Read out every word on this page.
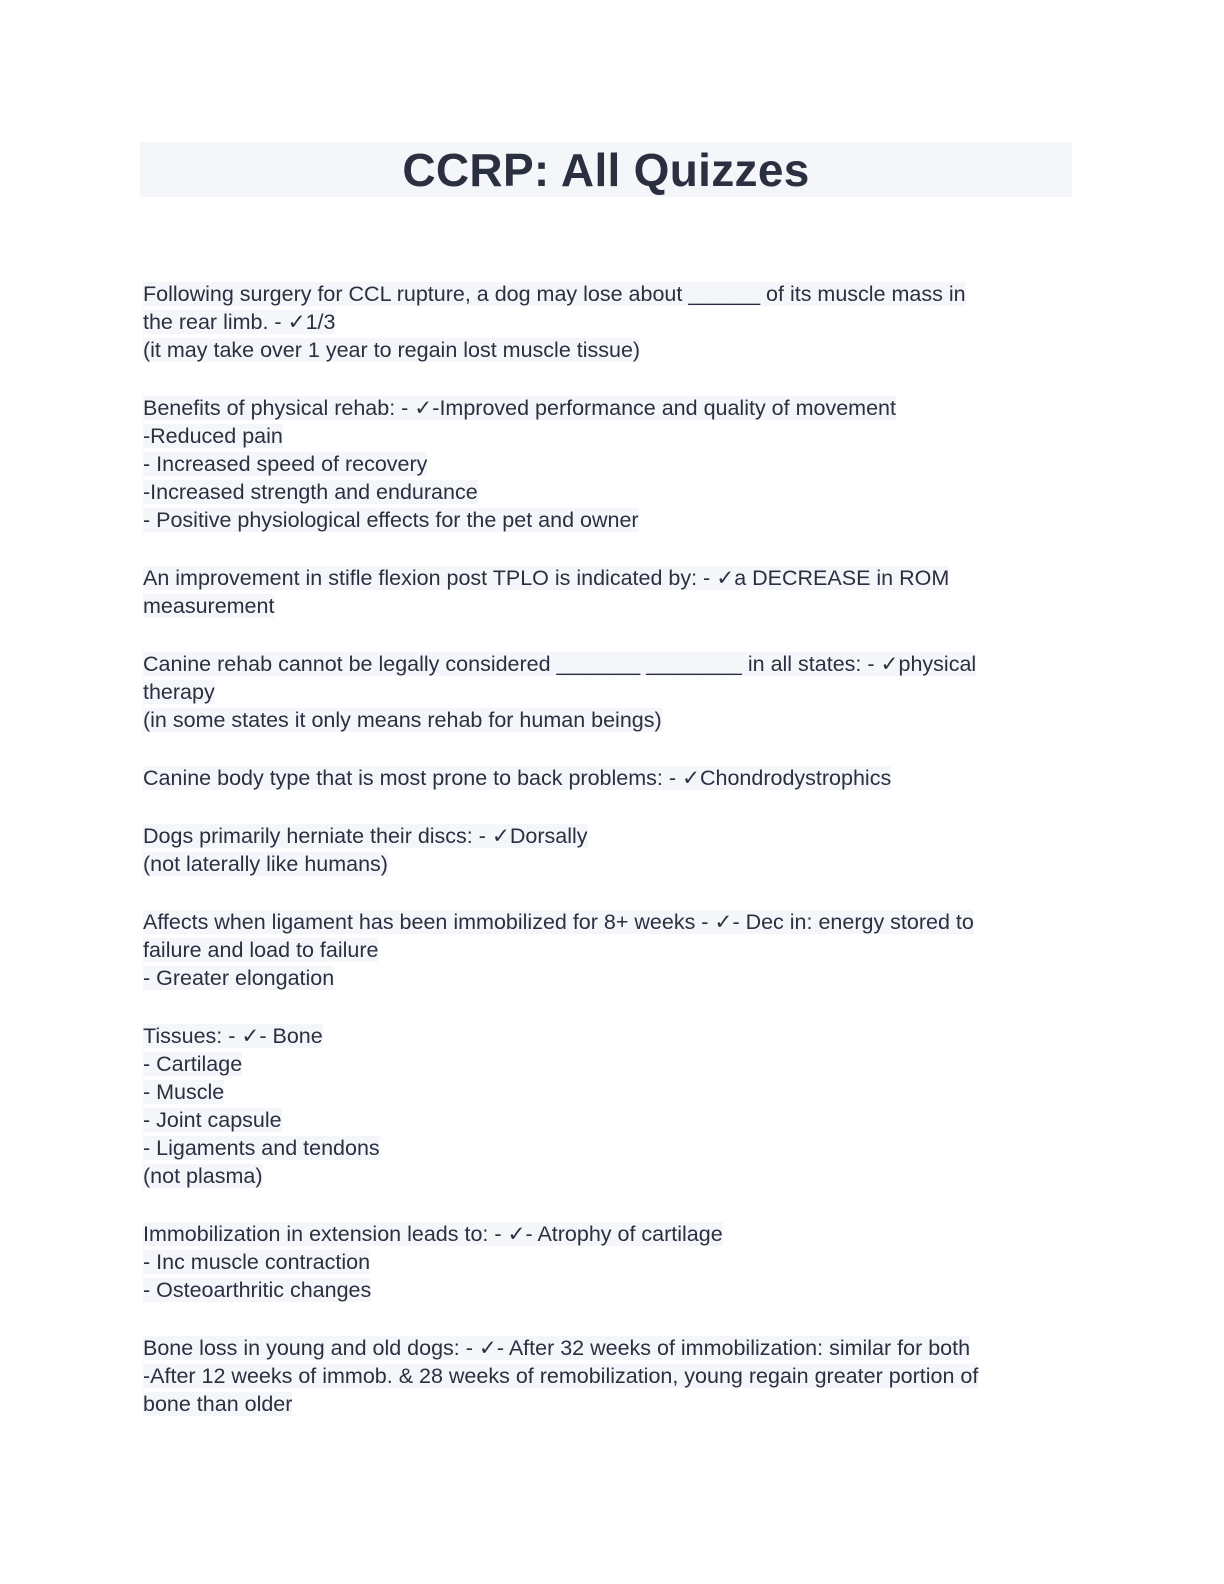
CCRP: All Quizzes
Following surgery for CCL rupture, a dog may lose about ______ of its muscle mass in
the rear limb. - ✓1/3
(it may take over 1 year to regain lost muscle tissue)
Benefits of physical rehab: - ✓-Improved performance and quality of movement
-Reduced pain
- Increased speed of recovery
-Increased strength and endurance
- Positive physiological effects for the pet and owner
An improvement in stifle flexion post TPLO is indicated by: - ✓a DECREASE in ROM
measurement
Canine rehab cannot be legally considered _______ ________ in all states: - ✓physical
therapy
(in some states it only means rehab for human beings)
Canine body type that is most prone to back problems: - ✓Chondrodystrophics
Dogs primarily herniate their discs: - ✓Dorsally
(not laterally like humans)
Affects when ligament has been immobilized for 8+ weeks - ✓- Dec in: energy stored to
failure and load to failure
- Greater elongation
Tissues: - ✓- Bone
- Cartilage
- Muscle
- Joint capsule
- Ligaments and tendons
(not plasma)
Immobilization in extension leads to: - ✓- Atrophy of cartilage
- Inc muscle contraction
- Osteoarthritic changes
Bone loss in young and old dogs: - ✓- After 32 weeks of immobilization: similar for both
-After 12 weeks of immob. & 28 weeks of remobilization, young regain greater portion of
bone than older
